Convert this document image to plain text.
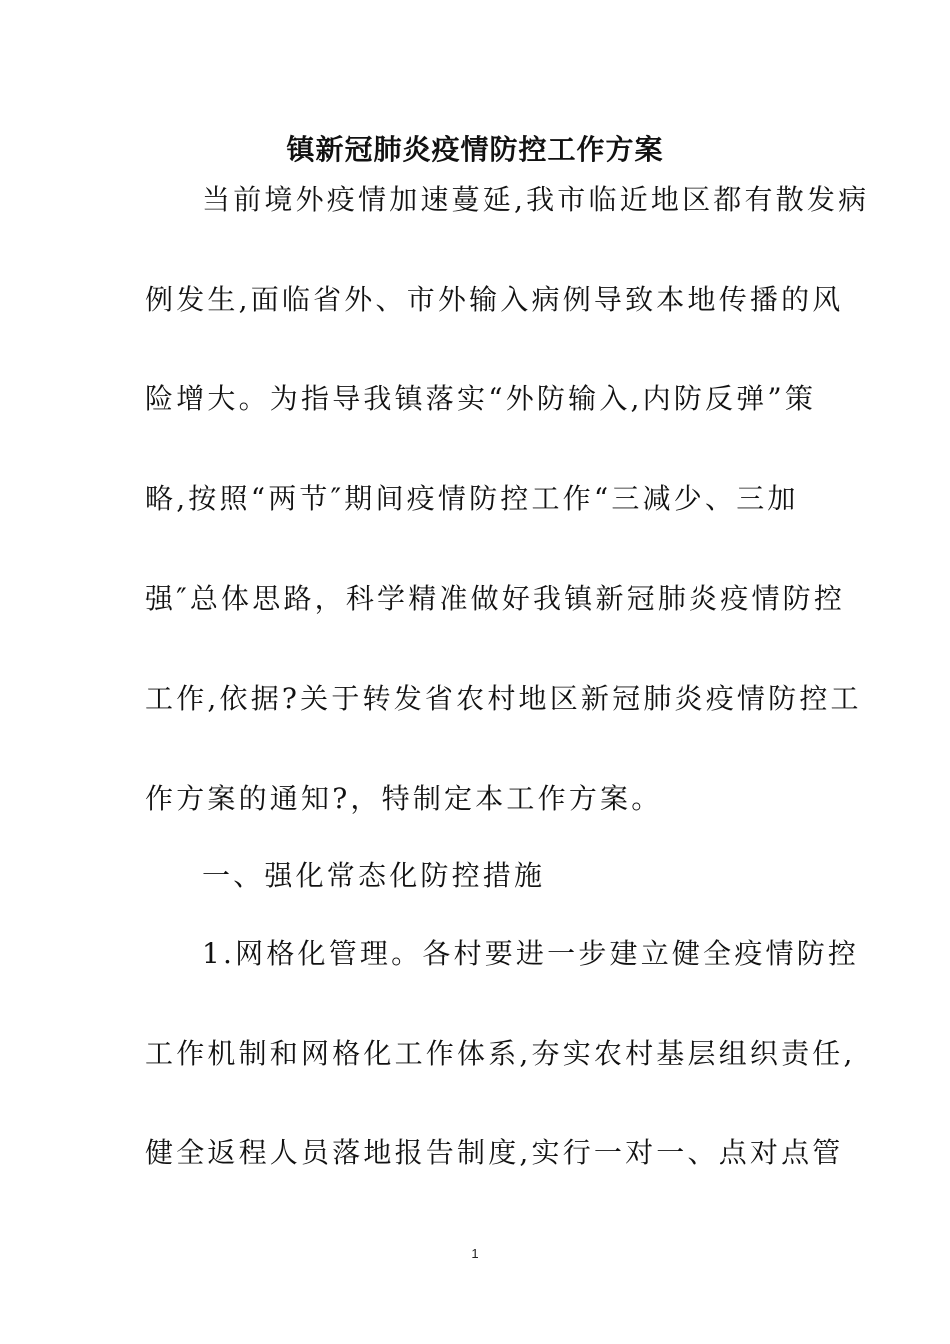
镇新冠肺炎疫情防控工作方案
当前境外疫情加速蔓延,我市临近地区都有散发病
例发生,面临省外、市外输入病例导致本地传播的风
险增大。为指导我镇落实“外防输入,内防反弹”策
略,按照“两节″期间疫情防控工作“三减少、三加
强″总体思路，科学精准做好我镇新冠肺炎疫情防控
工作,依据?关于转发省农村地区新冠肺炎疫情防控工
作方案的通知?，特制定本工作方案。
一、强化常态化防控措施
1.网格化管理。各村要进一步建立健全疫情防控
工作机制和网格化工作体系,夯实农村基层组织责任,
健全返程人员落地报告制度,实行一对一、点对点管
1
